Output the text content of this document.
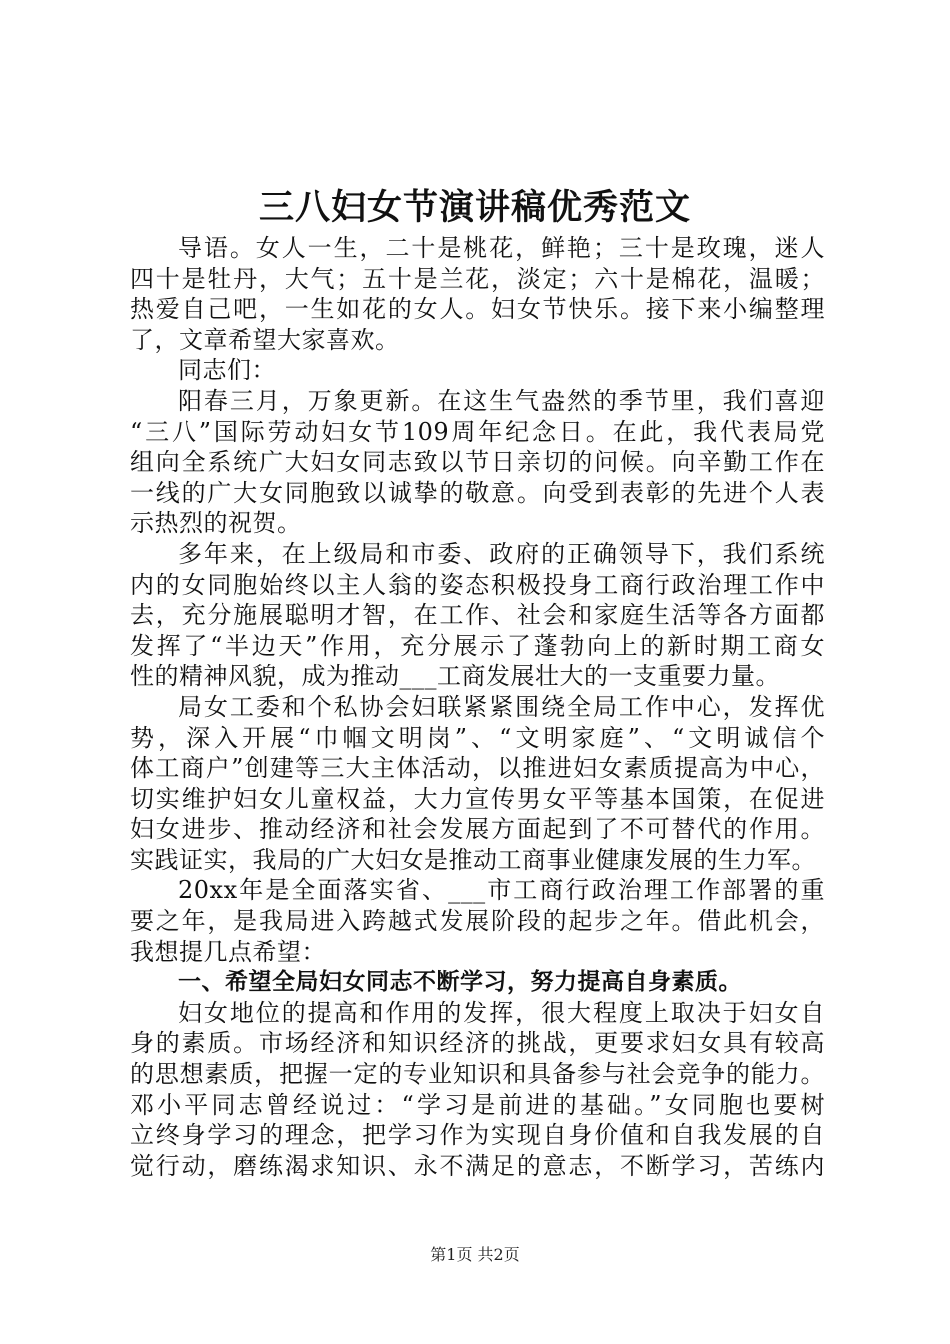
三八妇女节演讲稿优秀范文
导语。女人一生，二十是桃花，鲜艳；三十是玫瑰，迷人
四十是牡丹，大气；五十是兰花，淡定；六十是棉花，温暖；
热爱自己吧，一生如花的女人。妇女节快乐。接下来小编整理
了，文章希望大家喜欢。
同志们：
阳春三月，万象更新。在这生气盎然的季节里，我们喜迎
“三八”国际劳动妇女节109周年纪念日。在此，我代表局党
组向全系统广大妇女同志致以节日亲切的问候。向辛勤工作在
一线的广大女同胞致以诚挚的敬意。向受到表彰的先进个人表
示热烈的祝贺。
多年来，在上级局和市委、政府的正确领导下，我们系统
内的女同胞始终以主人翁的姿态积极投身工商行政治理工作中
去，充分施展聪明才智，在工作、社会和家庭生活等各方面都
发挥了“半边天”作用，充分展示了蓬勃向上的新时期工商女
性的精神风貌，成为推动___工商发展壮大的一支重要力量。
局女工委和个私协会妇联紧紧围绕全局工作中心，发挥优
势，深入开展“巾帼文明岗”、“文明家庭”、“文明诚信个
体工商户”创建等三大主体活动，以推进妇女素质提高为中心，
切实维护妇女儿童权益，大力宣传男女平等基本国策，在促进
妇女进步、推动经济和社会发展方面起到了不可替代的作用。
实践证实，我局的广大妇女是推动工商事业健康发展的生力军。
20xx年是全面落实省、___市工商行政治理工作部署的重
要之年，是我局进入跨越式发展阶段的起步之年。借此机会，
我想提几点希望：
一、希望全局妇女同志不断学习，努力提高自身素质。
妇女地位的提高和作用的发挥，很大程度上取决于妇女自
身的素质。市场经济和知识经济的挑战，更要求妇女具有较高
的思想素质，把握一定的专业知识和具备参与社会竞争的能力。
邓小平同志曾经说过：“学习是前进的基础。”女同胞也要树
立终身学习的理念，把学习作为实现自身价值和自我发展的自
觉行动，磨练渴求知识、永不满足的意志，不断学习，苦练内
第1页 共2页
